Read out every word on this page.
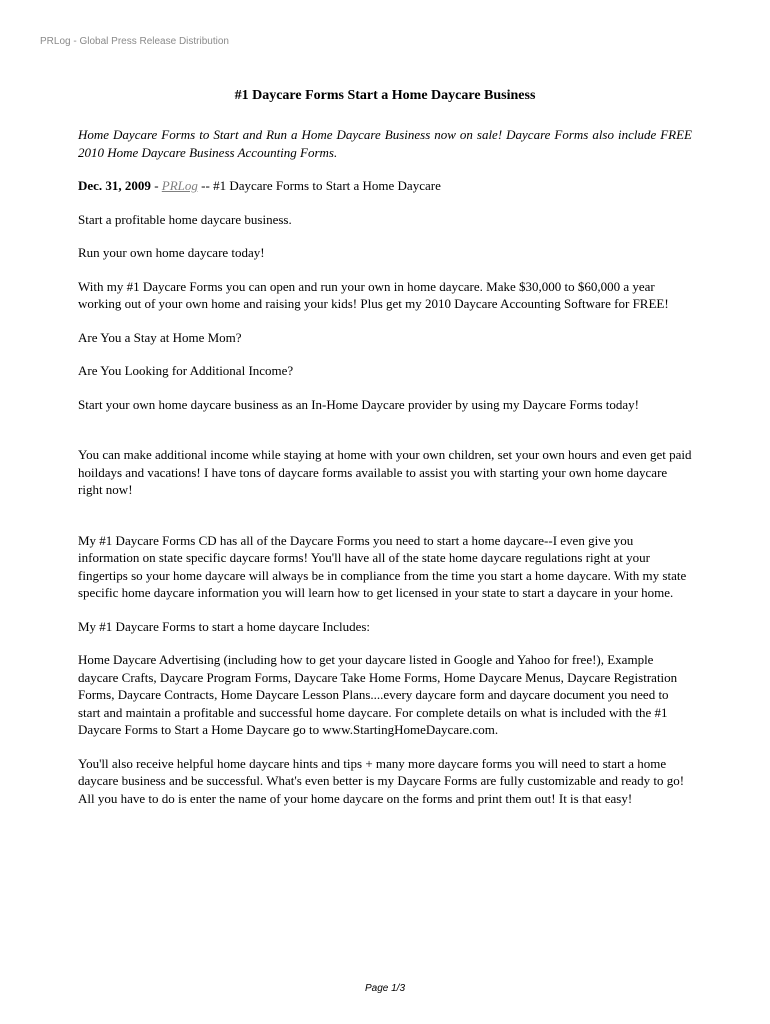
PRLog - Global Press Release Distribution
#1 Daycare Forms Start a Home Daycare Business

Home Daycare Forms to Start and Run a Home Daycare Business now on sale! Daycare Forms also include FREE 2010 Home Daycare Business Accounting Forms.

Dec. 31, 2009 - PRLog -- #1 Daycare Forms to Start a Home Daycare

Start a profitable home daycare business.

Run your own home daycare today!

With my #1 Daycare Forms you can open and run your own in home daycare. Make $30,000 to $60,000 a year working out of your own home and raising your kids! Plus get my 2010 Daycare Accounting Software for FREE!

Are You a Stay at Home Mom?

Are You Looking for Additional Income?

Start your own home daycare business as an In-Home Daycare provider by using my Daycare Forms today!

You can make additional income while staying at home with your own children, set your own hours and even get paid hoildays and vacations! I have tons of daycare forms available to assist you with starting your own home daycare right now!

My #1 Daycare Forms CD has all of the Daycare Forms you need to start a home daycare--I even give you information on state specific daycare forms! You'll have all of the state home daycare regulations right at your fingertips so your home daycare will always be in compliance from the time you start a home daycare. With my state specific home daycare information you will learn how to get licensed in your state to start a daycare in your home.

My #1 Daycare Forms to start a home daycare Includes:

Home Daycare Advertising (including how to get your daycare listed in Google and Yahoo for free!), Example daycare Crafts, Daycare Program Forms, Daycare Take Home Forms, Home Daycare Menus, Daycare Registration Forms, Daycare Contracts, Home Daycare Lesson Plans....every daycare form and daycare document you need to start and maintain a profitable and successful home daycare. For complete details on what is included with the #1 Daycare Forms to Start a Home Daycare go to www.StartingHomeDaycare.com.

You'll also receive helpful home daycare hints and tips + many more daycare forms you will need to start a home daycare business and be successful. What's even better is my Daycare Forms are fully customizable and ready to go! All you have to do is enter the name of your home daycare on the forms and print them out! It is that easy!

Page 1/3
